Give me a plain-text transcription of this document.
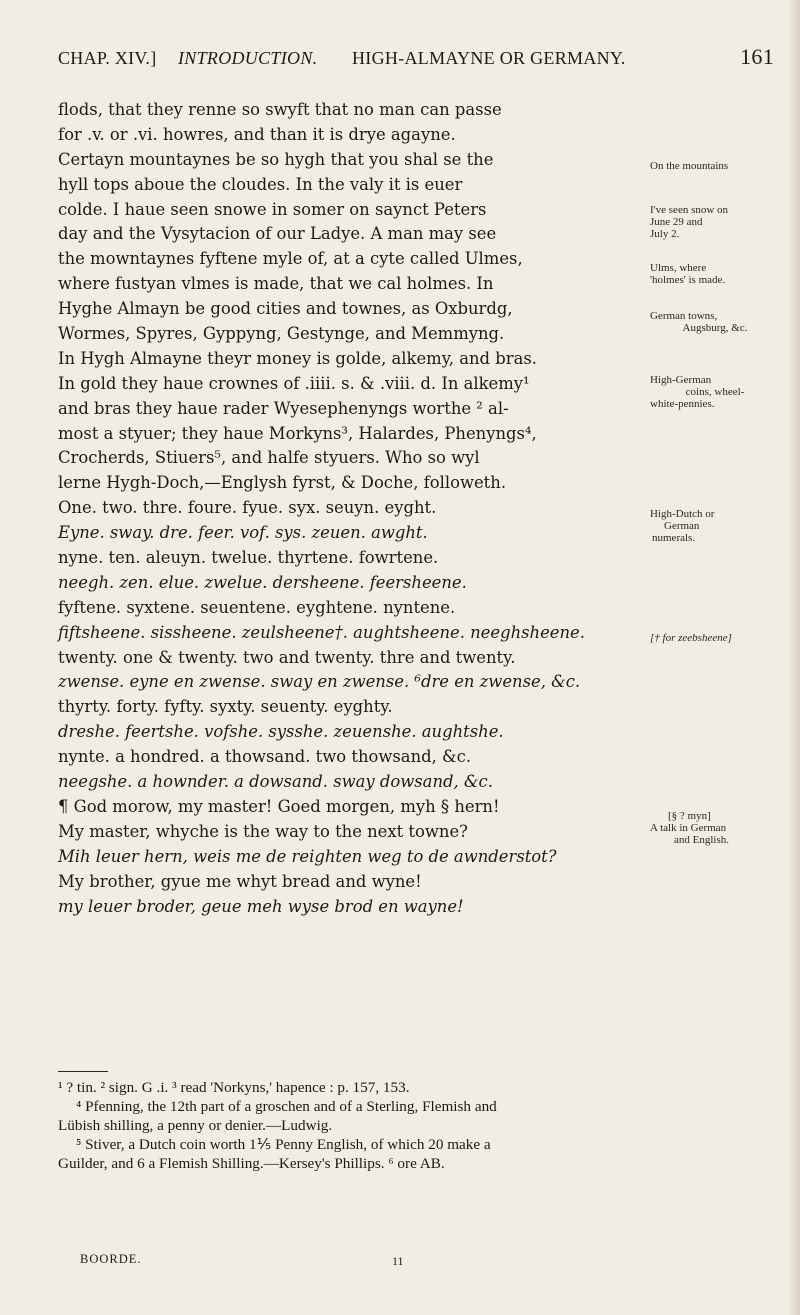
CHAP. XIV.] INTRODUCTION. HIGH-ALMAYNE OR GERMANY.	161
flods, that they renne so swyft that no man can passe
for .v. or .vi. howres, and than it is drye agayne.
Certayn mountaynes be so hygh that you shal se the
hyll tops aboue the cloudes. In the valy it is euer
colde. I haue seen snowe in somer on saynct Peters
day and the Vysytacion of our Ladye. A man may see
the mowntaynes fyftene myle of, at a cyte called Ulmes,
where fustyan vlmes is made, that we cal holmes. In
Hyghe Almayn be good cities and townes, as Oxburdg,
Wormes, Spyres, Gyppyng, Gestynge, and Memmyng.
In Hygh Almayne theyr money is golde, alkemy, and bras.
In gold they haue crownes of .iiii. s. & .viii. d. In alkemy¹
and bras they haue rader Wyesephenyngs worthe ² al-
most a styuer; they haue Morkyns³, Halardes, Phenyngs⁴,
Crocherds, Stiuers⁵, and halfe styuers. Who so wyl
lerne Hygh-Doch,—Englysh fyrst, & Doche, followeth.
One. two. thre. foure. fyue. syx. seuyn. eyght.
Eyne. sway. dre. feer. vof. sys. zeuen. awght.
nyne. ten. aleuyn. twelue. thyrtene. fowrtene.
neegh. zen. elue. zwelue. dersheene. feersheene.
fyftene. syxtene. seuentene. eyghtene. nyntene.
fiftsheene. sissheene. zeulsheene†. aughtsheene. neeghsheene.
twenty. one & twenty. two and twenty. thre and twenty.
zwense. eyne en zwense. sway en zwense. ⁶dre en zwense, &c.
thyrty. forty. fyfty. syxty. seuenty. eyghty.
dreshe. feertshe. vofshe. sysshe. zeuenshe. aughtshe.
nynte. a hondred. a thowsand. two thowsand, &c.
neegshe. a hownder. a dowsand. sway dowsand, &c.
¶ God morow, my master! Goed morgen, myh § hern!
My master, whyche is the way to the next towne?
Mih leuer hern, weis me de reighten weg to de awnderstot?
My brother, gyue me whyt bread and wyne!
my leuer broder, geue meh wyse brod en wayne!
On the mountains
I've seen snow on
June 29 and
July 2.
Ulms, where
'holmes' is made.
German towns,

Augsburg, &c.
High-German

coins, wheel-
white-pennies.
High-Dutch or
German
numerals.
[† for zeebsheene]
[§ ? myn]
A talk in German
and English.
¹ ? tin. ² sign. G .i. ³ read 'Norkyns,' hapence : p. 157, 153.
⁴ Pfenning, the 12th part of a groschen and of a Sterling, Flemish and
Lübish shilling, a penny or denier.—Ludwig.
⁵ Stiver, a Dutch coin worth 1⅕ Penny English, of which 20 make a
Guilder, and 6 a Flemish Shilling.—Kersey's Phillips. ⁶ ore AB.
BOORDE.	11
